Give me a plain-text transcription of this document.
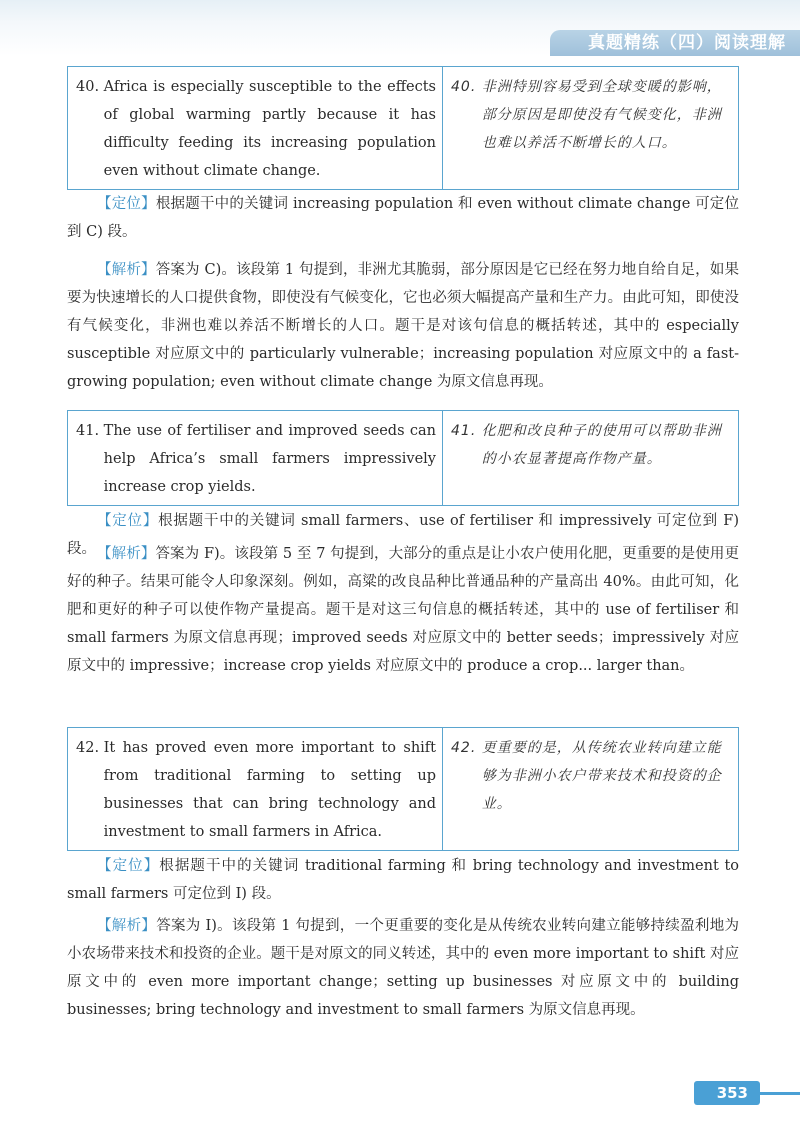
真题精练（四）阅读理解
40.
Africa is especially susceptible to the effects of global warming partly because it has difficulty feeding its increasing population even without climate change.
40.
非洲特别容易受到全球变暖的影响，部分原因是即使没有气候变化，非洲也难以养活不断增长的人口。

【定位】根据题干中的关键词 increasing population 和 even without climate change 可定位到 C) 段。

【解析】答案为 C)。该段第 1 句提到，非洲尤其脆弱，部分原因是它已经在努力地自给自足，如果要为快速增长的人口提供食物，即使没有气候变化，它也必须大幅提高产量和生产力。由此可知，即使没有气候变化，非洲也难以养活不断增长的人口。题干是对该句信息的概括转述，其中的 especially susceptible 对应原文中的 particularly vulnerable；increasing population 对应原文中的 a fast-growing population; even without climate change 为原文信息再现。

41.
The use of fertiliser and improved seeds can help Africa’s small farmers impressively increase crop yields.
41.
化肥和改良种子的使用可以帮助非洲的小农显著提高作物产量。

【定位】根据题干中的关键词 small farmers、use of fertiliser 和 impressively 可定位到 F) 段。 【解析】答案为 F)。该段第 5 至 7 句提到，大部分的重点是让小农户使用化肥，更重要的是使用更好的种子。结果可能令人印象深刻。例如，高粱的改良品种比普通品种的产量高出 40%。由此可知，化肥和更好的种子可以使作物产量提高。题干是对这三句信息的概括转述，其中的 use of fertiliser 和 small farmers 为原文信息再现；improved seeds 对应原文中的 better seeds；impressively 对应原文中的 impressive；increase crop yields 对应原文中的 produce a crop... larger than。

42.
It has proved even more important to shift from traditional farming to setting up businesses that can bring technology and investment to small farmers in Africa.
42.
更重要的是，从传统农业转向建立能够为非洲小农户带来技术和投资的企业。

【定位】根据题干中的关键词 traditional farming 和 bring technology and investment to small farmers 可定位到 I) 段。

【解析】答案为 I)。该段第 1 句提到，一个更重要的变化是从传统农业转向建立能够持续盈利地为小农场带来技术和投资的企业。题干是对原文的同义转述，其中的 even more important to shift 对应原文中的 even more important change；setting up businesses 对应原文中的 building businesses; bring technology and investment to small farmers 为原文信息再现。

353
